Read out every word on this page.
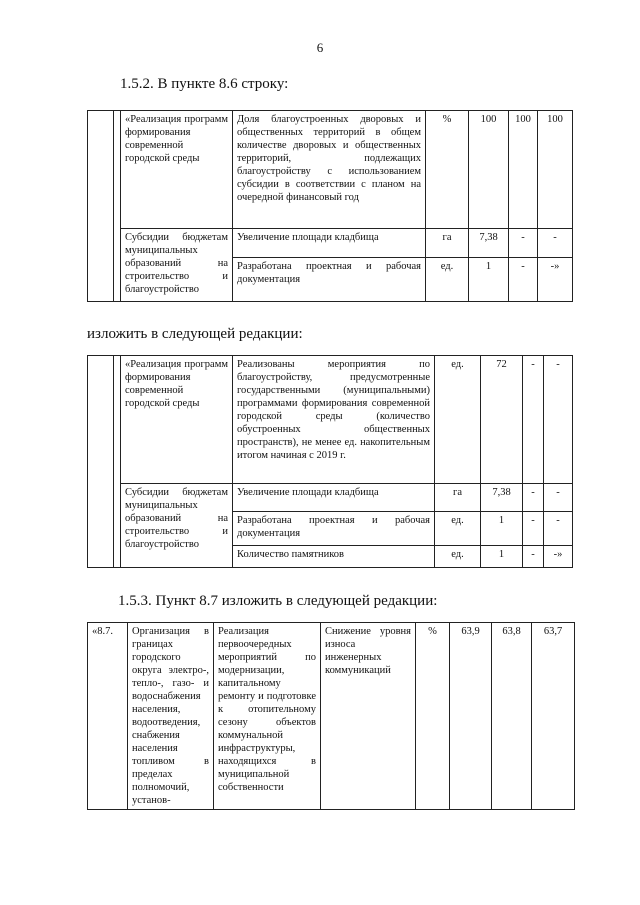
6
1.5.2. В пункте 8.6 строку:
		«Реализация программ формирования современной городской среды	Доля благоустроенных дворовых и общественных территорий в общем количестве дворовых и общественных территорий, подлежащих благоустройству с использованием субсидии в соответствии с планом на очередной финансовый год	%	100	100	100
		Субсидии бюджетам муниципальных образований на строительство и благоустройство	Увеличение площади кладбища	га	7,38	-	-
			Разработана проектная и рабочая документация	ед.	1	-	-»
изложить в следующей редакции:
		«Реализация программ формирования современной городской среды	Реализованы мероприятия по благоустройству, предусмотренные государственными (муниципальными) программами формирования современной городской среды (количество обустроенных общественных пространств), не менее ед. накопительным итогом начиная с 2019 г.	ед.	72	-	-
		Субсидии бюджетам муниципальных образований на строительство и благоустройство	Увеличение площади кладбища	га	7,38	-	-
			Разработана проектная и рабочая документация	ед.	1	-	-
			Количество памятников	ед.	1	-	-»
1.5.3. Пункт 8.7 изложить в следующей редакции:
«8.7.	Организация в границах городского округа электро-, тепло-, газо- и водоснабжения населения, водоотведения, снабжения населения топливом в пределах полномочий, установ-	Реализация первоочередных мероприятий по модернизации, капитальному ремонту и подготовке к отопительному сезону объектов коммунальной инфраструктуры, находящихся в муниципальной собственности	Снижение уровня износа инженерных коммуникаций	%	63,9	63,8	63,7
